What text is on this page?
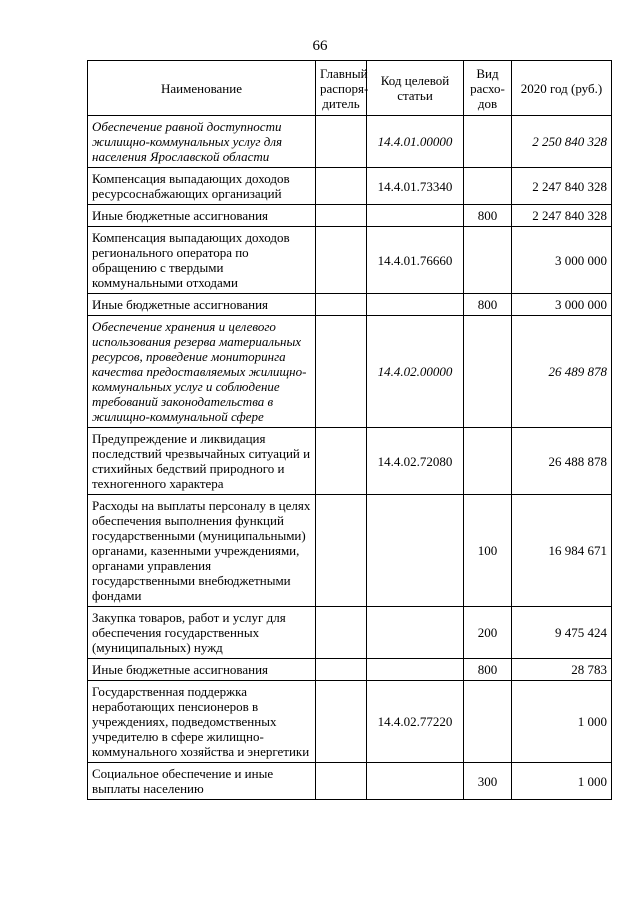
66
Наименование	Главный распоря-дитель	Код целевой статьи	Вид расхо-дов	2020 год (руб.)
Обеспечение равной доступности жилищно-коммунальных услуг для населения Ярославской области		14.4.01.00000		2 250 840 328
Компенсация выпадающих доходов ресурсоснабжающих организаций		14.4.01.73340		2 247 840 328
Иные бюджетные ассигнования			800	2 247 840 328
Компенсация выпадающих доходов регионального оператора по обращению с твердыми коммунальными отходами		14.4.01.76660		3 000 000
Иные бюджетные ассигнования			800	3 000 000
Обеспечение хранения и целевого использования резерва материальных ресурсов, проведение мониторинга качества предоставляемых жилищно-коммунальных услуг и соблюдение требований законодательства в жилищно-коммунальной сфере		14.4.02.00000		26 489 878
Предупреждение и ликвидация последствий чрезвычайных ситуаций и стихийных бедствий природного и техногенного характера		14.4.02.72080		26 488 878
Расходы на выплаты персоналу в целях обеспечения выполнения функций государственными (муниципальными) органами, казенными учреждениями, органами управления государственными внебюджетными фондами			100	16 984 671
Закупка товаров, работ и услуг для обеспечения государственных (муниципальных) нужд			200	9 475 424
Иные бюджетные ассигнования			800	28 783
Государственная поддержка неработающих пенсионеров в учреждениях, подведомственных учредителю в сфере жилищно-коммунального хозяйства и энергетики		14.4.02.77220		1 000
Социальное обеспечение и иные выплаты населению			300	1 000
